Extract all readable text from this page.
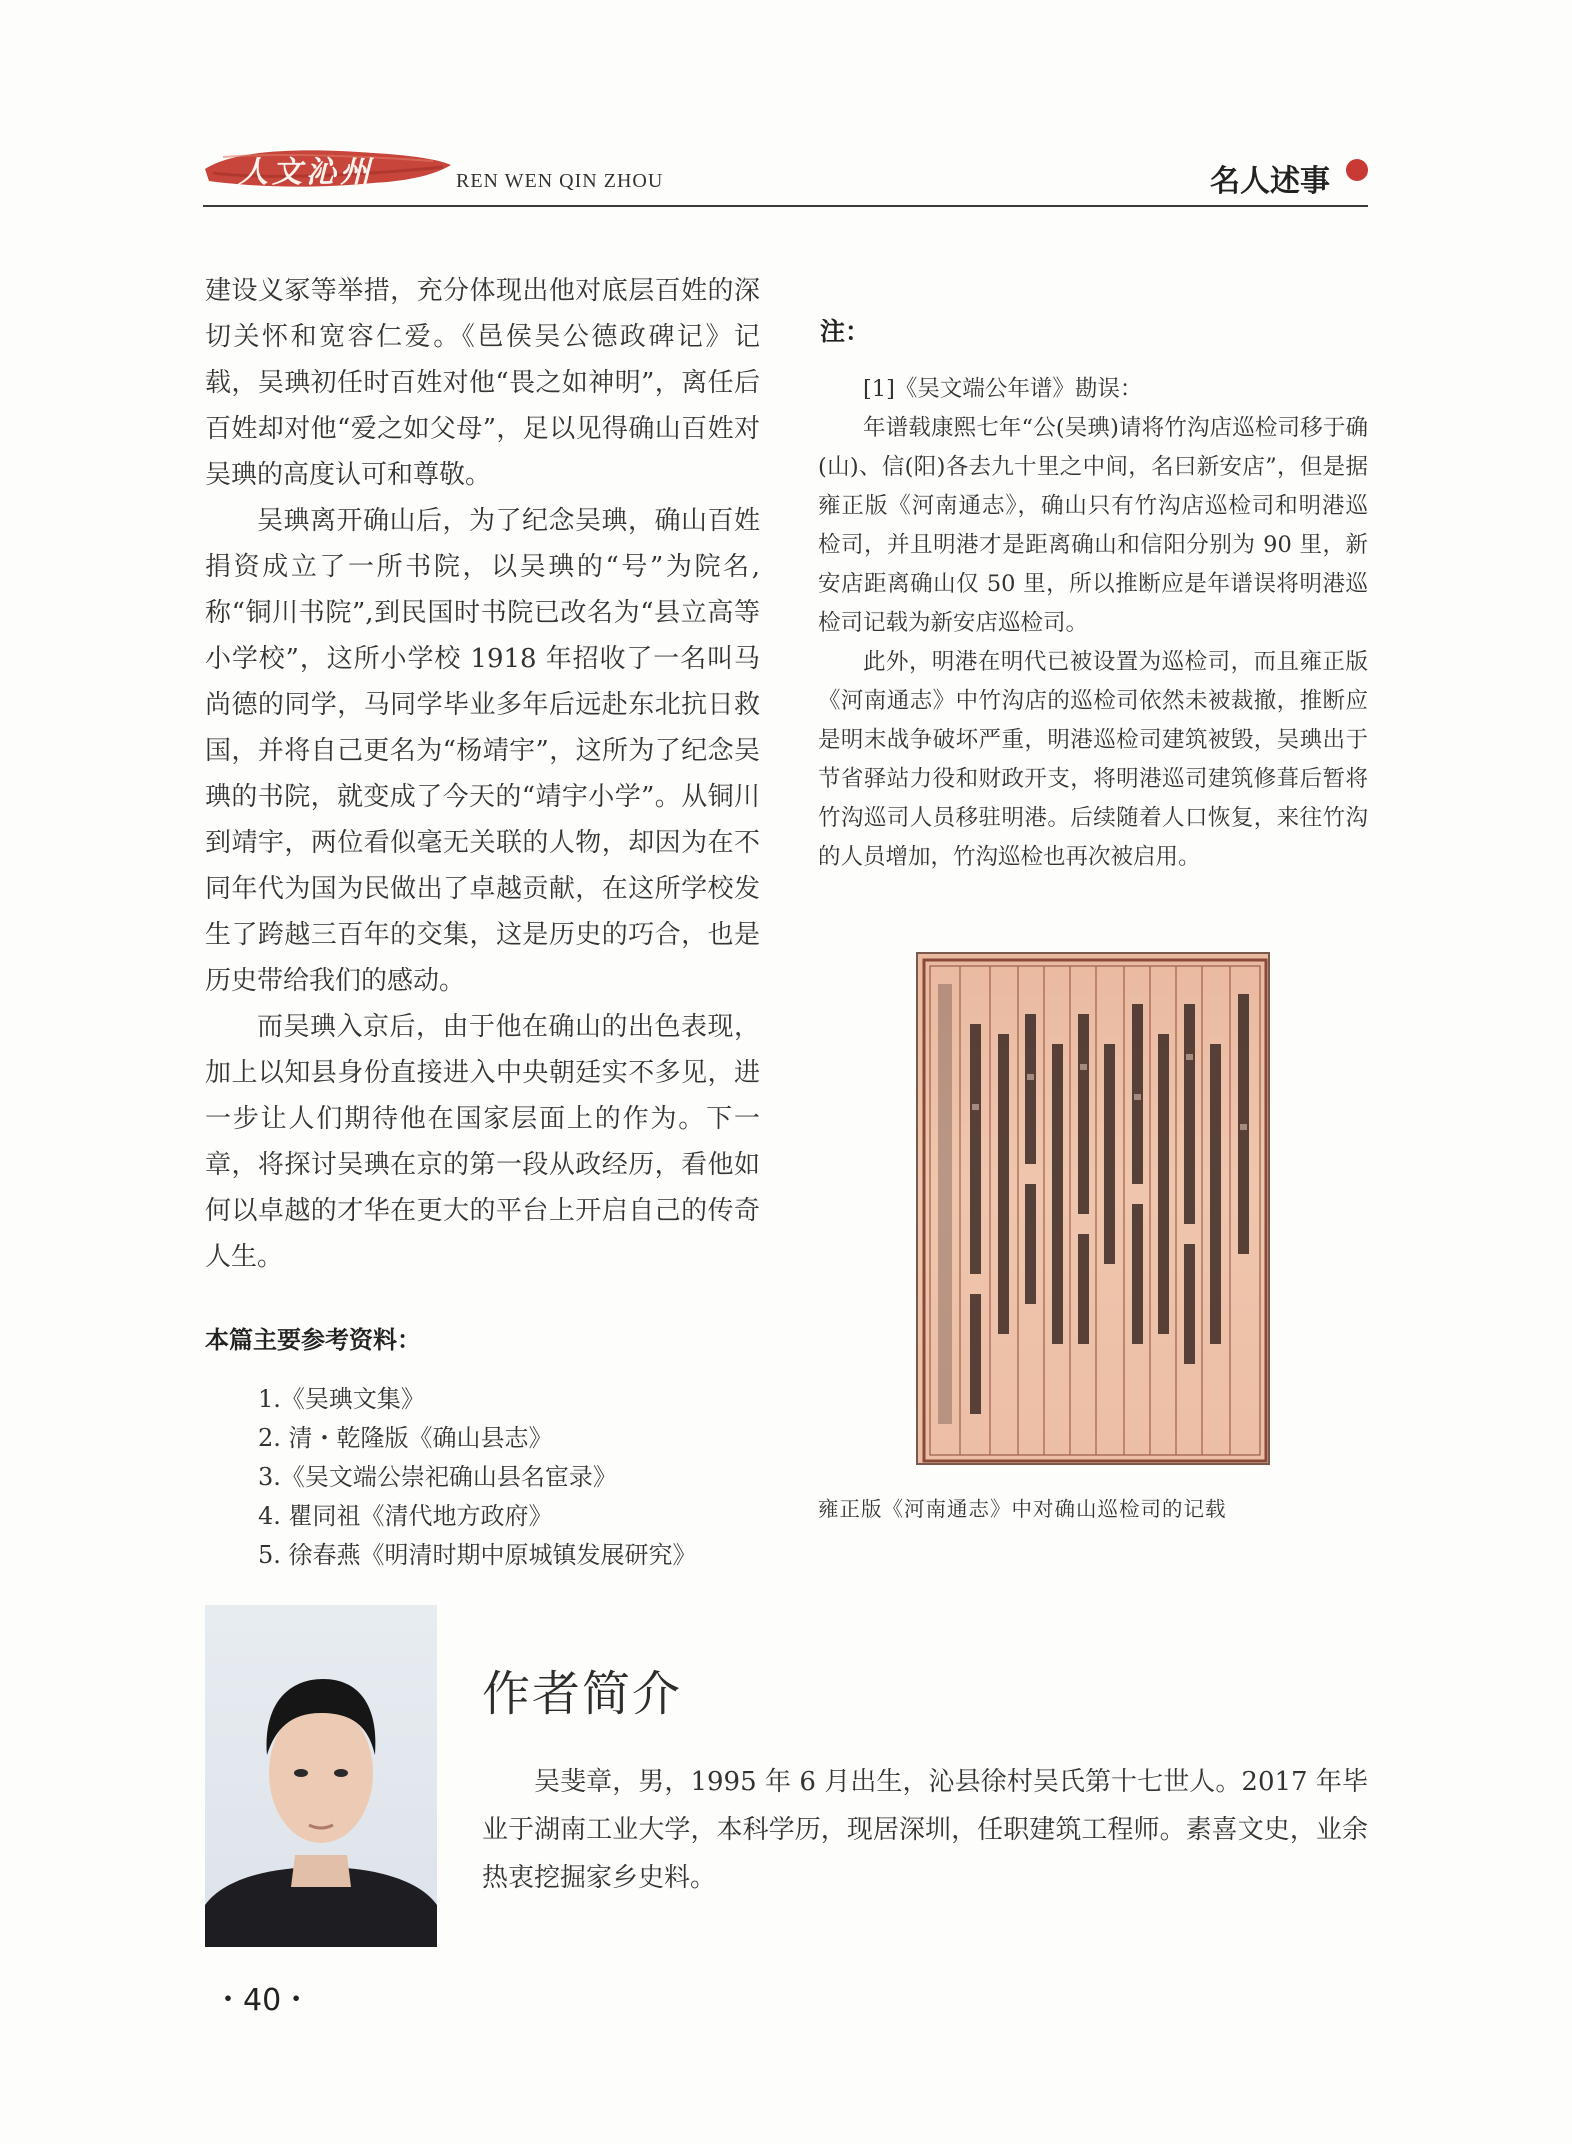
人文沁州	REN WEN QIN ZHOU	名人述事

建设义冢等举措，充分体现出他对底层百姓的深切关怀和宽容仁爱。《邑侯吴公德政碑记》记载，吴琠初任时百姓对他“畏之如神明”，离任后百姓却对他“爱之如父母”，足以见得确山百姓对吴琠的高度认可和尊敬。

吴琠离开确山后，为了纪念吴琠，确山百姓捐资成立了一所书院，以吴琠的“号”为院名,称“铜川书院”,到民国时书院已改名为“县立高等小学校”，这所小学校 1918 年招收了一名叫马尚德的同学，马同学毕业多年后远赴东北抗日救国，并将自己更名为“杨靖宇”，这所为了纪念吴琠的书院，就变成了今天的“靖宇小学”。从铜川到靖宇，两位看似毫无关联的人物，却因为在不同年代为国为民做出了卓越贡献，在这所学校发生了跨越三百年的交集，这是历史的巧合，也是历史带给我们的感动。

而吴琠入京后，由于他在确山的出色表现，加上以知县身份直接进入中央朝廷实不多见，进一步让人们期待他在国家层面上的作为。下一章，将探讨吴琠在京的第一段从政经历，看他如何以卓越的才华在更大的平台上开启自己的传奇人生。

本篇主要参考资料：
1.《吴琠文集》
2. 清・乾隆版《确山县志》
3.《吴文端公崇祀确山县名宦录》
4. 瞿同祖《清代地方政府》
5. 徐春燕《明清时期中原城镇发展研究》
注：

[1]《吴文端公年谱》勘误：

年谱载康熙七年“公(吴琠)请将竹沟店巡检司移于确(山)、信(阳)各去九十里之中间，名曰新安店”，但是据雍正版《河南通志》，确山只有竹沟店巡检司和明港巡检司，并且明港才是距离确山和信阳分别为 90 里，新安店距离确山仅 50 里，所以推断应是年谱误将明港巡检司记载为新安店巡检司。

此外，明港在明代已被设置为巡检司，而且雍正版《河南通志》中竹沟店的巡检司依然未被裁撤，推断应是明末战争破坏严重，明港巡检司建筑被毁，吴琠出于节省驿站力役和财政开支，将明港巡司建筑修葺后暂将竹沟巡司人员移驻明港。后续随着人口恢复，来往竹沟的人员增加，竹沟巡检也再次被启用。

雍正版《河南通志》中对确山巡检司的记载
作者简介

吴斐章，男，1995 年 6 月出生，沁县徐村吴氏第十七世人。2017 年毕业于湖南工业大学，本科学历，现居深圳，任职建筑工程师。素喜文史，业余热衷挖掘家乡史料。

・40・
